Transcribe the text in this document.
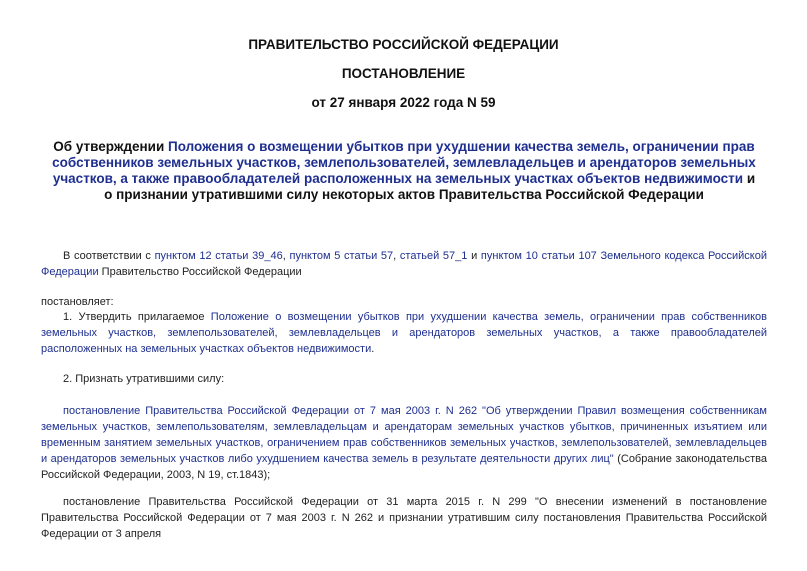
ПРАВИТЕЛЬСТВО РОССИЙСКОЙ ФЕДЕРАЦИИ
ПОСТАНОВЛЕНИЕ
от 27 января 2022 года N 59
Об утверждении Положения о возмещении убытков при ухудшении качества земель, ограничении прав собственников земельных участков, землепользователей, землевладельцев и арендаторов земельных участков, а также правообладателей расположенных на земельных участках объектов недвижимости и о признании утратившими силу некоторых актов Правительства Российской Федерации
В соответствии с пунктом 12 статьи 39_46, пунктом 5 статьи 57, статьей 57_1 и пунктом 10 статьи 107 Земельного кодекса Российской Федерации Правительство Российской Федерации
постановляет:
1. Утвердить прилагаемое Положение о возмещении убытков при ухудшении качества земель, ограничении прав собственников земельных участков, землепользователей, землевладельцев и арендаторов земельных участков, а также правообладателей расположенных на земельных участках объектов недвижимости.
2. Признать утратившими силу:
постановление Правительства Российской Федерации от 7 мая 2003 г. N 262 "Об утверждении Правил возмещения собственникам земельных участков, землепользователям, землевладельцам и арендаторам земельных участков убытков, причиненных изъятием или временным занятием земельных участков, ограничением прав собственников земельных участков, землепользователей, землевладельцев и арендаторов земельных участков либо ухудшением качества земель в результате деятельности других лиц" (Собрание законодательства Российской Федерации, 2003, N 19, ст.1843);
постановление Правительства Российской Федерации от 31 марта 2015 г. N 299 "О внесении изменений в постановление Правительства Российской Федерации от 7 мая 2003 г. N 262 и признании утратившим силу постановления Правительства Российской Федерации от 3 апреля
